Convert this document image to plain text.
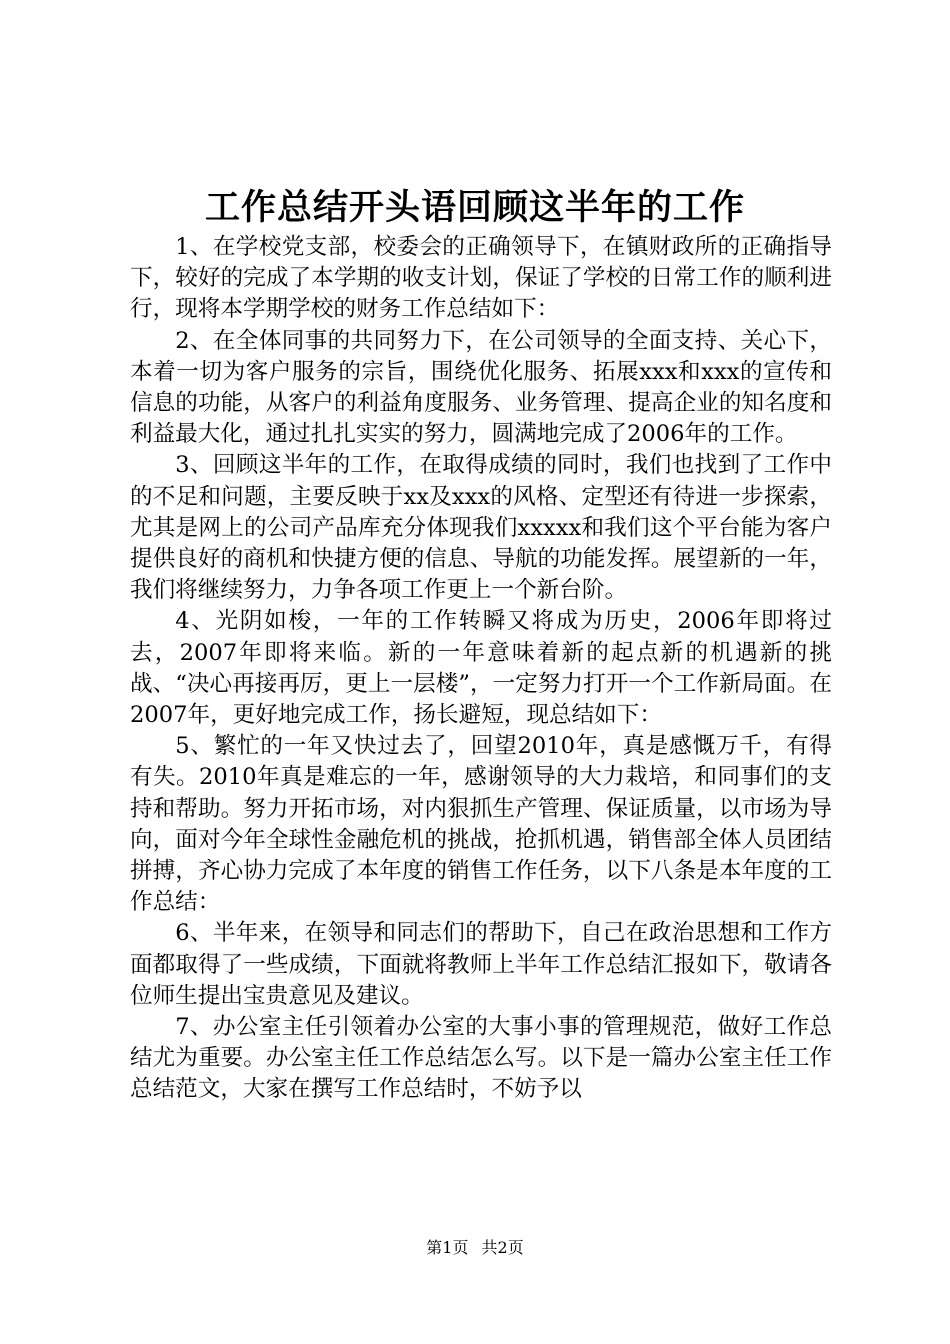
工作总结开头语回顾这半年的工作

1、在学校党支部，校委会的正确领导下，在镇财政所的正确指导下，较好的完成了本学期的收支计划，保证了学校的日常工作的顺利进行，现将本学期学校的财务工作总结如下：

2、在全体同事的共同努力下，在公司领导的全面支持、关心下，本着一切为客户服务的宗旨，围绕优化服务、拓展xxx和xxx的宣传和信息的功能，从客户的利益角度服务、业务管理、提高企业的知名度和利益最大化，通过扎扎实实的努力，圆满地完成了2006年的工作。

3、回顾这半年的工作，在取得成绩的同时，我们也找到了工作中的不足和问题，主要反映于xx及xxx的风格、定型还有待进一步探索，尤其是网上的公司产品库充分体现我们xxxxx和我们这个平台能为客户提供良好的商机和快捷方便的信息、导航的功能发挥。展望新的一年，我们将继续努力，力争各项工作更上一个新台阶。

4、光阴如梭，一年的工作转瞬又将成为历史，2006年即将过去，2007年即将来临。新的一年意味着新的起点新的机遇新的挑战、“决心再接再厉，更上一层楼”，一定努力打开一个工作新局面。在2007年，更好地完成工作，扬长避短，现总结如下：

5、繁忙的一年又快过去了，回望2010年，真是感慨万千，有得有失。2010年真是难忘的一年，感谢领导的大力栽培，和同事们的支持和帮助。努力开拓市场，对内狠抓生产管理、保证质量，以市场为导向，面对今年全球性金融危机的挑战，抢抓机遇，销售部全体人员团结拼搏，齐心协力完成了本年度的销售工作任务，以下八条是本年度的工作总结：

6、半年来，在领导和同志们的帮助下，自己在政治思想和工作方面都取得了一些成绩，下面就将教师上半年工作总结汇报如下，敬请各位师生提出宝贵意见及建议。

7、办公室主任引领着办公室的大事小事的管理规范，做好工作总结尤为重要。办公室主任工作总结怎么写。以下是一篇办公室主任工作总结范文，大家在撰写工作总结时，不妨予以

第1页 共2页
